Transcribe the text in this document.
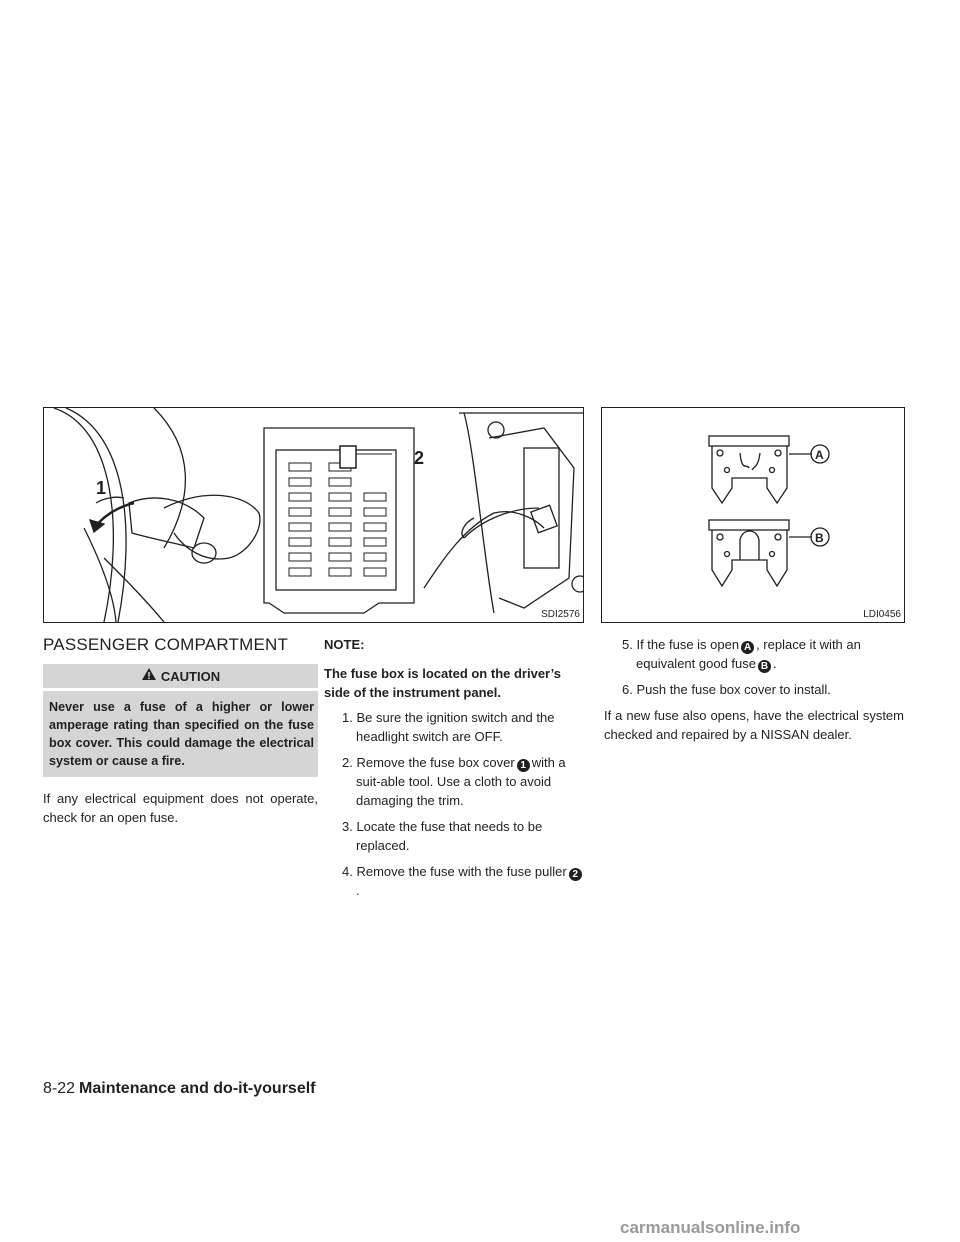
1
2
SDI2576
A
B
LDI0456
PASSENGER COMPARTMENT
CAUTION
Never use a fuse of a higher or lower amperage rating than specified on the fuse box cover. This could damage the electrical system or cause a fire.

If any electrical equipment does not operate, check for an open fuse.

NOTE:

The fuse box is located on the driver’s side of the instrument panel.

1. Be sure the ignition switch and the headlight switch are OFF.
2. Remove the fuse box cover 1 with a suit-able tool. Use a cloth to avoid damaging the trim.
3. Locate the fuse that needs to be replaced.
4. Remove the fuse with the fuse puller 2.
5. If the fuse is open A , replace it with an equivalent good fuse B .
6. Push the fuse box cover to install.

If a new fuse also opens, have the electrical system checked and repaired by a NISSAN dealer.

8-22 Maintenance and do-it-yourself
carmanualsonline.info
